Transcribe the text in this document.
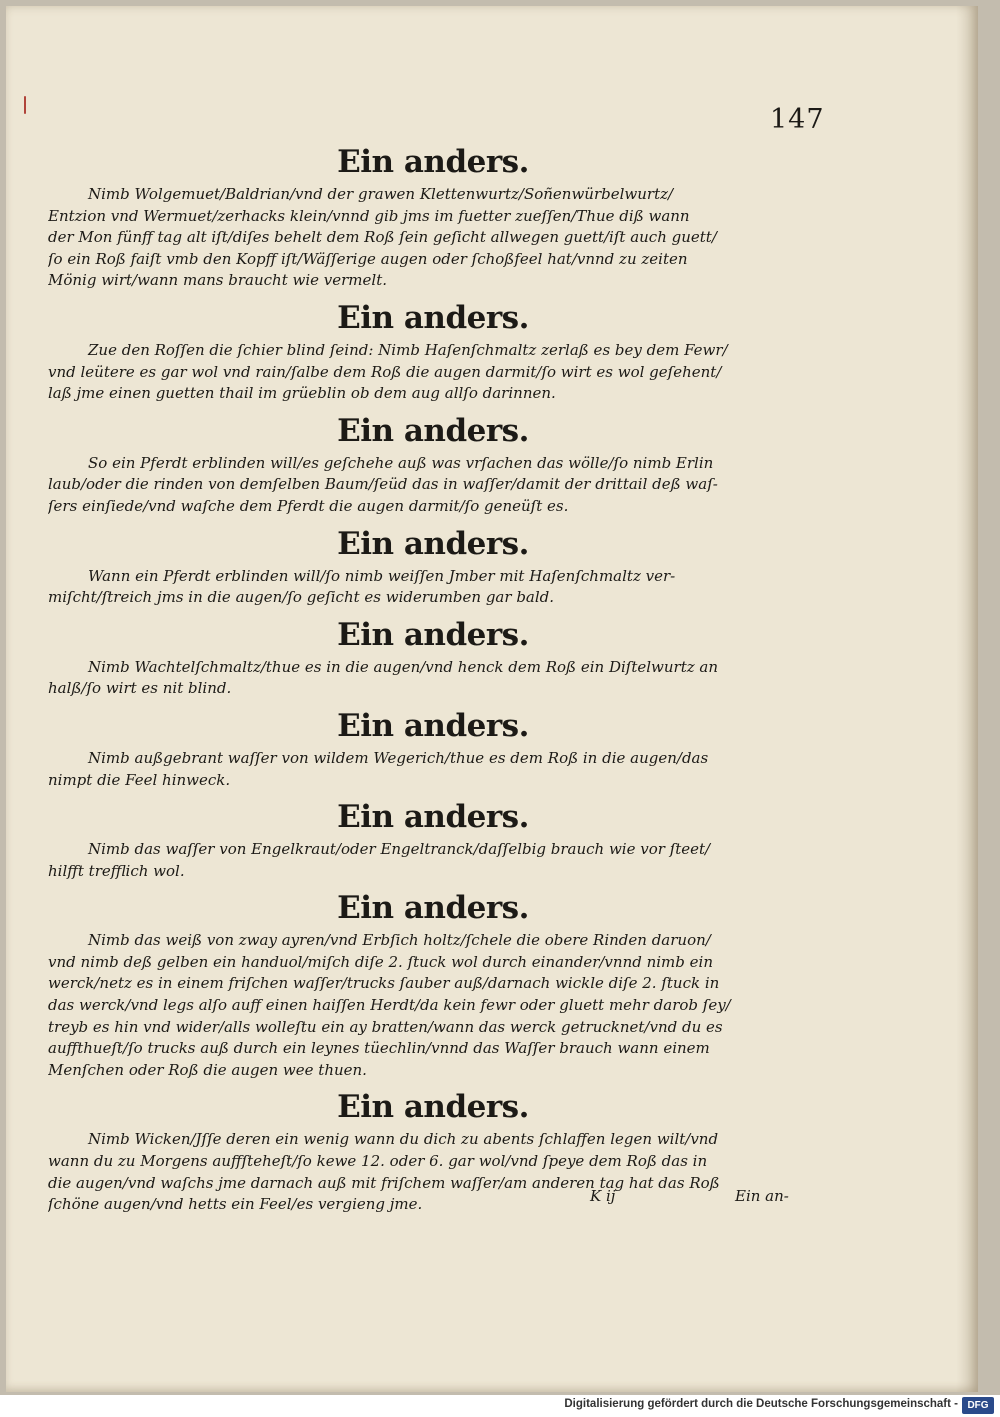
147
Ein anders.
Nimb Wolgemuet/Baldrian/vnd der grawen Klettenwurtz/Soñenwürbelwurtz/
Entzion vnd Wermuet/zerhacks klein/vnnd gib jms im fuetter zueſſen/Thue diß wann
der Mon fünff tag alt iſt/diſes behelt dem Roß ſein geſicht allwegen guett/iſt auch guett/
ſo ein Roß faiſt vmb den Kopff iſt/Wäſſerige augen oder ſchoßfeel hat/vnnd zu zeiten
Mönig wirt/wann mans braucht wie vermelt.
Ein anders.
Zue den Roſſen die ſchier blind ſeind: Nimb Haſenſchmaltz zerlaß es bey dem Fewr/
vnd leütere es gar wol vnd rain/ſalbe dem Roß die augen darmit/ſo wirt es wol geſehent/
laß jme einen guetten thail im grüeblin ob dem aug allſo darinnen.
Ein anders.
So ein Pferdt erblinden will/es geſchehe auß was vrſachen das wölle/ſo nimb Erlin
laub/oder die rinden von demſelben Baum/ſeüd das in waſſer/damit der drittail deß waſ-
ſers einſiede/vnd waſche dem Pferdt die augen darmit/ſo geneüſt es.
Ein anders.
Wann ein Pferdt erblinden will/ſo nimb weiſſen Jmber mit Haſenſchmaltz ver-
miſcht/ſtreich jms in die augen/ſo geſicht es widerumben gar bald.
Ein anders.
Nimb Wachtelſchmaltz/thue es in die augen/vnd henck dem Roß ein Diſtelwurtz an
halß/ſo wirt es nit blind.
Ein anders.
Nimb außgebrant waſſer von wildem Wegerich/thue es dem Roß in die augen/das
nimpt die Feel hinweck.
Ein anders.
Nimb das waſſer von Engelkraut/oder Engeltranck/daſſelbig brauch wie vor ſteet/
hilfft trefflich wol.
Ein anders.
Nimb das weiß von zway ayren/vnd Erbſich holtz/ſchele die obere Rinden daruon/
vnd nimb deß gelben ein handuol/miſch diſe 2. ſtuck wol durch einander/vnnd nimb ein
werck/netz es in einem friſchen waſſer/trucks ſauber auß/darnach wickle diſe 2. ſtuck in
das werck/vnd legs alſo auff einen haiſſen Herdt/da kein fewr oder gluett mehr darob ſey/
treyb es hin vnd wider/alls wolleſtu ein ay bratten/wann das werck getrucknet/vnd du es
auffthueſt/ſo trucks auß durch ein leynes tüechlin/vnnd das Waſſer brauch wann einem
Menſchen oder Roß die augen wee thuen.
Ein anders.
Nimb Wicken/Jſſe deren ein wenig wann du dich zu abents ſchlaffen legen wilt/vnd
wann du zu Morgens auffſteheſt/ſo kewe 12. oder 6. gar wol/vnd ſpeye dem Roß das in
die augen/vnd waſchs jme darnach auß mit friſchem waſſer/am anderen tag hat das Roß
ſchöne augen/vnd hetts ein Feel/es vergieng jme.	K ij	Ein an-
Digitalisierung gefördert durch die Deutsche Forschungsgemeinschaft - DFG
